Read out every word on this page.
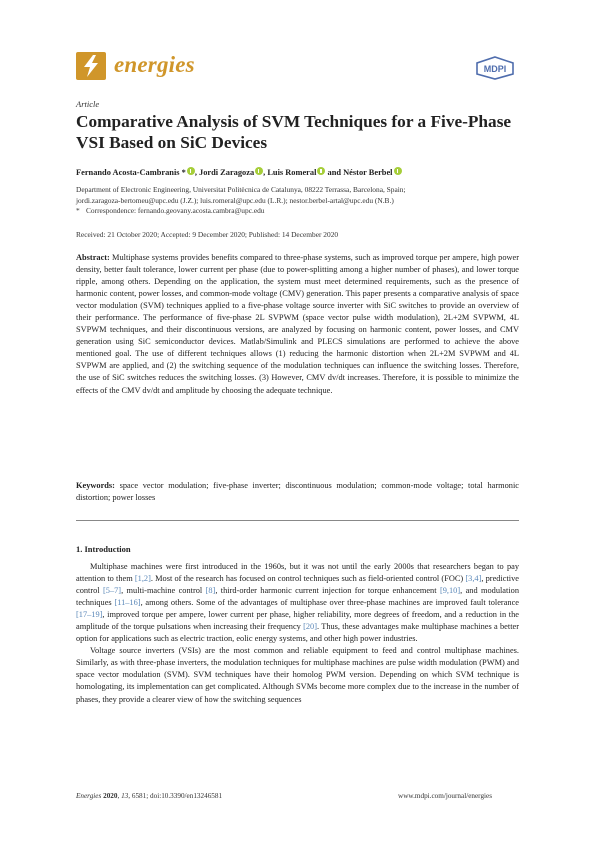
energies	MDPI
Article
Comparative Analysis of SVM Techniques for a Five-Phase VSI Based on SiC Devices
Fernando Acosta-Cambranis * , Jordi Zaragoza , Luis Romeral and Néstor Berbel
Department of Electronic Engineering, Universitat Politècnica de Catalunya, 08222 Terrassa, Barcelona, Spain;
jordi.zaragoza-bertomeu@upc.edu (J.Z.); luis.romeral@upc.edu (L.R.); nestor.berbel-artal@upc.edu (N.B.)
* Correspondence: fernando.geovany.acosta.cambra@upc.edu
Received: 21 October 2020; Accepted: 9 December 2020; Published: 14 December 2020
Abstract: Multiphase systems provides benefits compared to three-phase systems, such as improved torque per ampere, high power density, better fault tolerance, lower current per phase (due to power-splitting among a higher number of phases), and lower torque ripple, among others. Depending on the application, the system must meet determined requirements, such as the presence of harmonic content, power losses, and common-mode voltage (CMV) generation. This paper presents a comparative analysis of space vector modulation (SVM) techniques applied to a five-phase voltage source inverter with SiC switches to provide an overview of their performance. The performance of five-phase 2L SVPWM (space vector pulse width modulation), 2L+2M SVPWM, 4L SVPWM techniques, and their discontinuous versions, are analyzed by focusing on harmonic content, power losses, and CMV generation using SiC semiconductor devices. Matlab/Simulink and PLECS simulations are performed to achieve the above mentioned goal. The use of different techniques allows (1) reducing the harmonic distortion when 2L+2M SVPWM and 4L SVPWM are applied, and (2) the switching sequence of the modulation techniques can influence the switching losses. Therefore, the use of SiC switches reduces the switching losses. (3) However, CMV dv/dt increases. Therefore, it is possible to minimize the effects of the CMV dv/dt and amplitude by choosing the adequate technique.
Keywords: space vector modulation; five-phase inverter; discontinuous modulation; common-mode voltage; total harmonic distortion; power losses
1. Introduction

Multiphase machines were first introduced in the 1960s, but it was not until the early 2000s that researchers began to pay attention to them [1,2]. Most of the research has focused on control techniques such as field-oriented control (FOC) [3,4], predictive control [5–7], multi-machine control [8], third-order harmonic current injection for torque enhancement [9,10], and modulation techniques [11–16], among others. Some of the advantages of multiphase over three-phase machines are improved fault tolerance [17–19], improved torque per ampere, lower current per phase, higher reliability, more degrees of freedom, and a reduction in the amplitude of the torque pulsations when increasing their frequency [20]. Thus, these advantages make multiphase machines a better option for applications such as electric traction, eolic energy systems, and other high power industries.

Voltage source inverters (VSIs) are the most common and reliable equipment to feed and control multiphase machines. Similarly, as with three-phase inverters, the modulation techniques for multiphase machines are pulse width modulation (PWM) and space vector modulation (SVM). SVM techniques have their homolog PWM version. Depending on which SVM technique is homologating, its implementation can get complicated. Although SVMs become more complex due to the increase in the number of phases, they provide a clearer view of how the switching sequences

Energies 2020, 13, 6581; doi:10.3390/en13246581	www.mdpi.com/journal/energies
